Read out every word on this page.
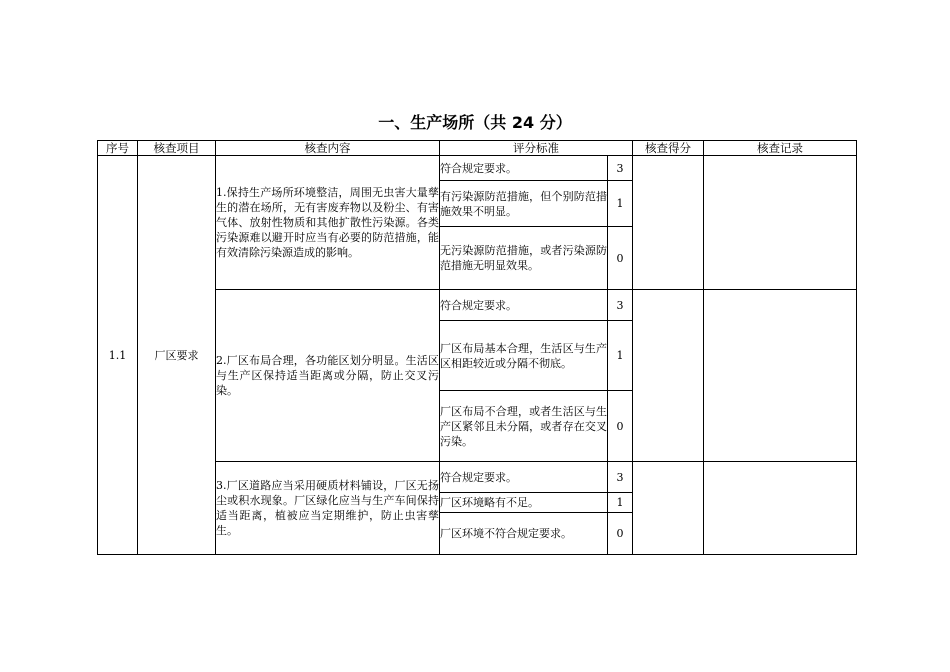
一、生产场所（共 24 分）
序号	核查项目	核查内容	评分标准		核查得分	核查记录
1.1	厂区要求	1.保持生产场所环境整洁，周围无虫害大量孳生的潜在场所，无有害废弃物以及粉尘、有害气体、放射性物质和其他扩散性污染源。各类污染源难以避开时应当有必要的防范措施，能有效清除污染源造成的影响。	符合规定要求。	3		
			有污染源防范措施，但个别防范措施效果不明显。	1		
			无污染源防范措施，或者污染源防范措施无明显效果。	0		
		2.厂区布局合理，各功能区划分明显。生活区与生产区保持适当距离或分隔，防止交叉污染。	符合规定要求。	3		
			厂区布局基本合理，生活区与生产区相距较近或分隔不彻底。	1		
			厂区布局不合理，或者生活区与生产区紧邻且未分隔，或者存在交叉污染。	0		
		3.厂区道路应当采用硬质材料铺设，厂区无扬尘或积水现象。厂区绿化应当与生产车间保持适当距离，植被应当定期维护，防止虫害孳生。	符合规定要求。	3		
			厂区环境略有不足。	1		
			厂区环境不符合规定要求。	0		
